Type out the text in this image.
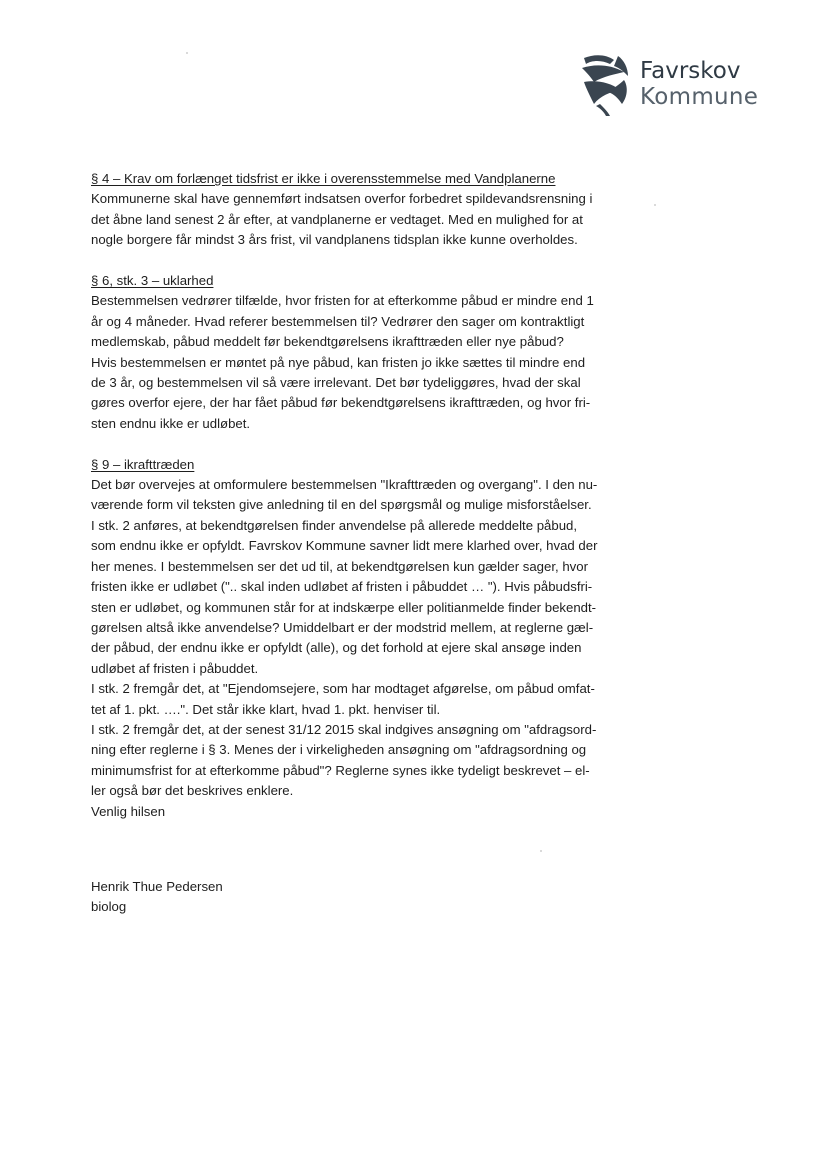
Favrskov
Kommune

§ 4 – Krav om forlænget tidsfrist er ikke i overensstemmelse med Vandplanerne

Kommunerne skal have gennemført indsatsen overfor forbedret spildevandsrensning i
det åbne land senest 2 år efter, at vandplanerne er vedtaget. Med en mulighed for at
nogle borgere får mindst 3 års frist, vil vandplanens tidsplan ikke kunne overholdes.

§ 6, stk. 3 – uklarhed

Bestemmelsen vedrører tilfælde, hvor fristen for at efterkomme påbud er mindre end 1
år og 4 måneder. Hvad referer bestemmelsen til? Vedrører den sager om kontraktligt
medlemskab, påbud meddelt før bekendtgørelsens ikrafttræden eller nye påbud?

Hvis bestemmelsen er møntet på nye påbud, kan fristen jo ikke sættes til mindre end
de 3 år, og bestemmelsen vil så være irrelevant. Det bør tydeliggøres, hvad der skal
gøres overfor ejere, der har fået påbud før bekendtgørelsens ikrafttræden, og hvor fri-
sten endnu ikke er udløbet.

§ 9 – ikrafttræden

Det bør overvejes at omformulere bestemmelsen "Ikrafttræden og overgang". I den nu-
værende form vil teksten give anledning til en del spørgsmål og mulige misforståelser.

I stk. 2 anføres, at bekendtgørelsen finder anvendelse på allerede meddelte påbud,
som endnu ikke er opfyldt. Favrskov Kommune savner lidt mere klarhed over, hvad der
her menes. I bestemmelsen ser det ud til, at bekendtgørelsen kun gælder sager, hvor
fristen ikke er udløbet (".. skal inden udløbet af fristen i påbuddet … "). Hvis påbudsfri-
sten er udløbet, og kommunen står for at indskærpe eller politianmelde finder bekendt-
gørelsen altså ikke anvendelse? Umiddelbart er der modstrid mellem, at reglerne gæl-
der påbud, der endnu ikke er opfyldt (alle), og det forhold at ejere skal ansøge inden
udløbet af fristen i påbuddet.

I stk. 2 fremgår det, at "Ejendomsejere, som har modtaget afgørelse, om påbud omfat-
tet af 1. pkt. ….". Det står ikke klart, hvad 1. pkt. henviser til.

I stk. 2 fremgår det, at der senest 31/12 2015 skal indgives ansøgning om "afdragsord-
ning efter reglerne i § 3. Menes der i virkeligheden ansøgning om "afdragsordning og
minimumsfrist for at efterkomme påbud"? Reglerne synes ikke tydeligt beskrevet – el-
ler også bør det beskrives enklere.

Venlig hilsen

Henrik Thue Pedersen

biolog
